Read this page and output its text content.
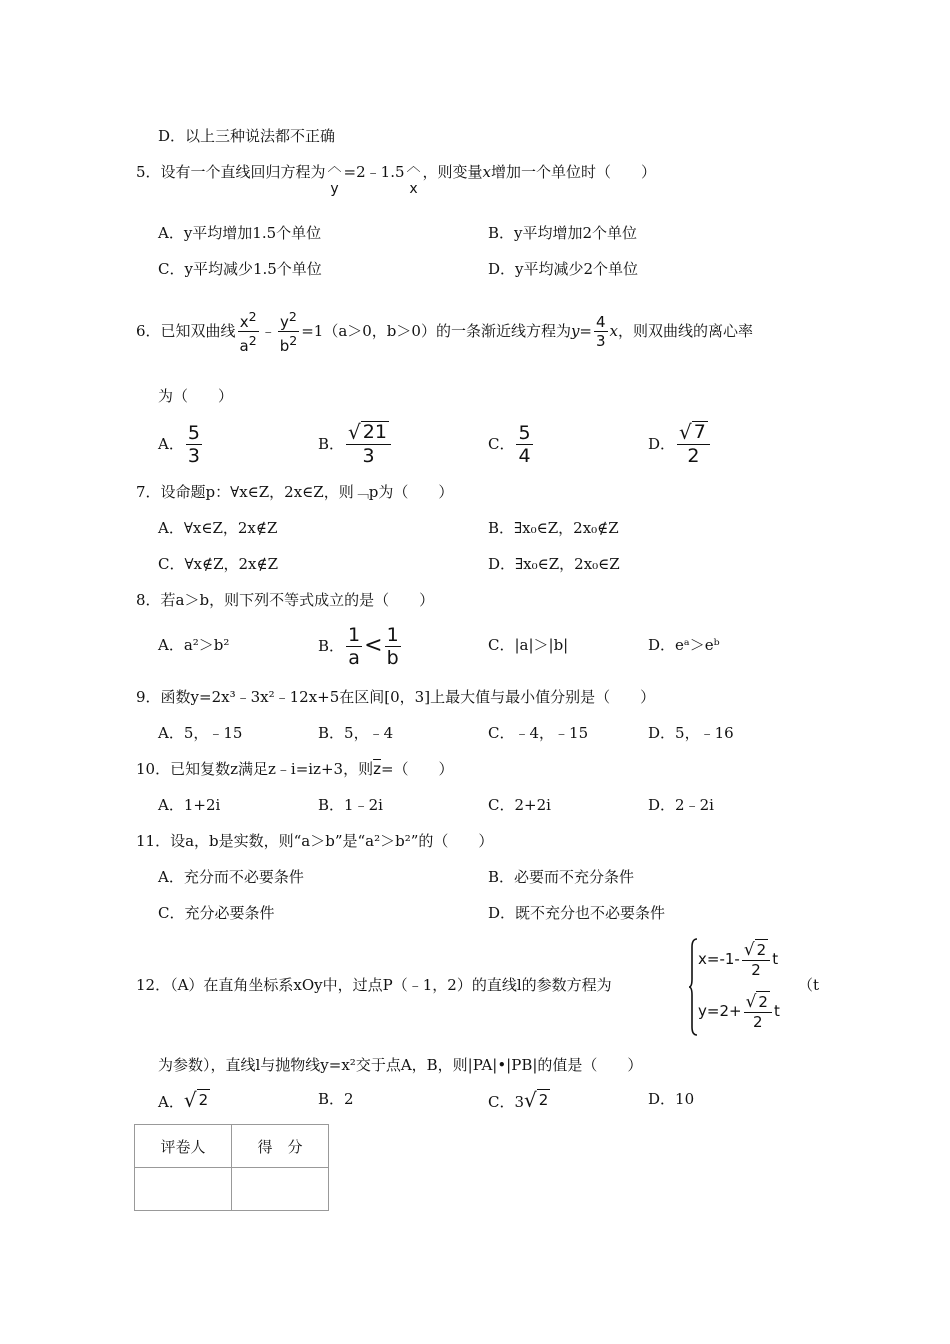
D．以上三种说法都不正确
5．设有一个直线回归方程为 ︿
y
=2﹣1.5 ︿
x
，则变量x增加一个单位时（　　）
A．y平均增加1.5个单位	B．y平均增加2个单位
C．y平均减少1.5个单位	D．y平均减少2个单位
6．已知双曲线 $\frac{x^2}{a^2}$ ﹣ $\frac{y^2}{b^2} =1(a>0$，b＞0）的一条渐近线方程为 $y= \frac{4}{3}$ x ，则双曲线的离心率
为（　　）
A． $\frac{5}{3}$	B． $\frac{√ 21}{3}$	C． $\frac{5}{4}$	D． $\frac{√ 7}{2}$
7．设命题p：∀x∈Z，2x∈Z，则﹁p为（　　）
A．∀x∈Z，2x∉Z	B．∃x₀∈Z，2x₀∉Z
C．∀x∉Z，2x∉Z	D．∃x₀∈Z，2x₀∈Z
8．若a＞b，则下列不等式成立的是（　　）
A．a²＞b²	B． $\frac{1}{a} < \frac{1}{b}$	C．|a|＞|b|	D．eᵃ＞eᵇ
9．函数y=2x³﹣3x²﹣12x+5在区间[0，3]上最大值与最小值分别是（　　）
A．5，﹣15	B．5，﹣4	C．﹣4，﹣15	D．5，﹣16
10．已知复数z满足z﹣i=iz+3，则$\overline{z}=$（　　）
A．1+2i	B．1﹣2i	C．2+2i	D．2﹣2i
11．设a，b是实数，则“a＞b”是“a²＞b²”的（　　）
A．充分而不必要条件	B．必要而不充分条件
C．充分必要条件	D．既不充分也不必要条件
12．（A）在直角坐标系xOy中，过点P（﹣1，2）的直线l的参数方程为
$x=-1- \frac{√ 2}{2}$ t
$y=2+ \frac{√ 2}{2}$ t
（t
为参数），直线l与抛物线y=x²交于点A，B，则|PA|•|PB|的值是（　　）
A． √ 2	B．2	C．3 √ 2	D．10
评卷人	得　分
